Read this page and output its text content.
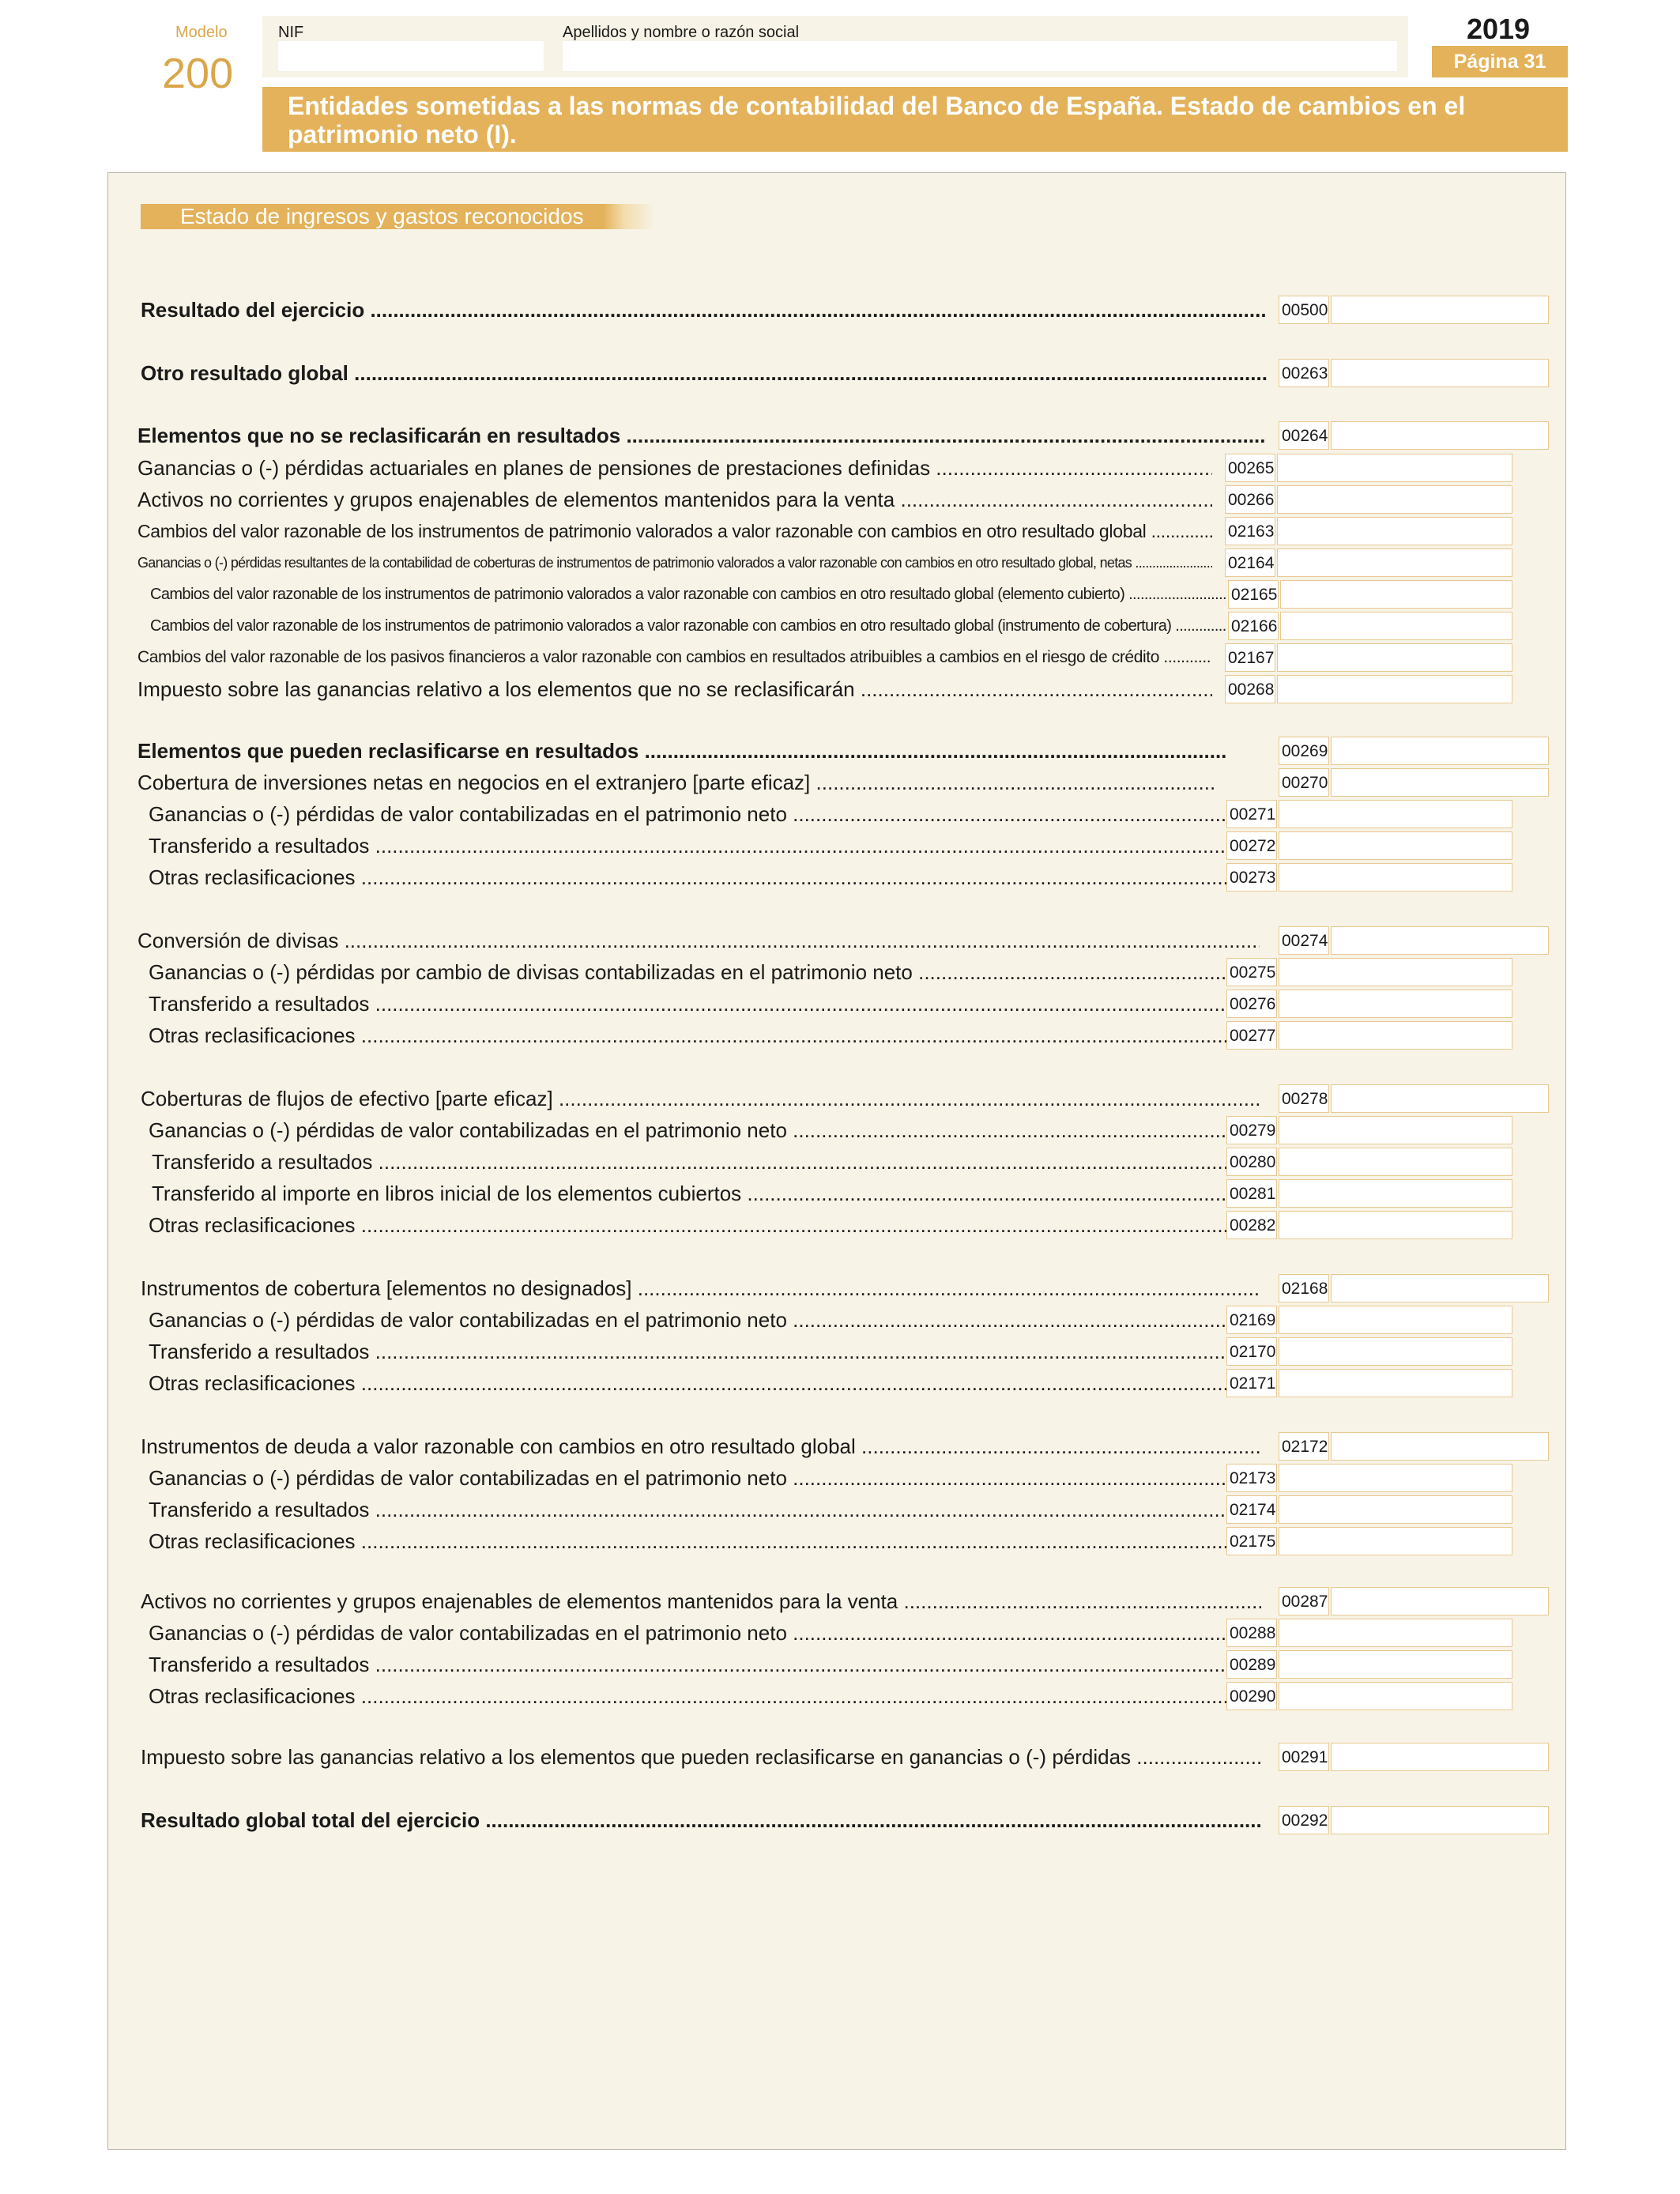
Modelo
200
NIF	Apellidos y nombre o razón social	2019
Página 31
Entidades sometidas a las normas de contabilidad del Banco de España. Estado de cambios en el patrimonio neto (I).
Estado de ingresos y gastos reconocidos
Resultado del ejercicio .....	00500
Otro resultado global .....	00263
Elementos que no se reclasificarán en resultados .....	00264
Ganancias o (-) pérdidas actuariales en planes de pensiones de prestaciones definidas .....	00265
Activos no corrientes y grupos enajenables de elementos mantenidos para la venta .....	00266
Cambios del valor razonable de los instrumentos de patrimonio valorados a valor razonable con cambios en otro resultado global .....	02163
Ganancias o (-) pérdidas resultantes de la contabilidad de coberturas de instrumentos de patrimonio valorados a valor razonable con cambios en otro resultado global, netas .....	02164
Cambios del valor razonable de los instrumentos de patrimonio valorados a valor razonable con cambios en otro resultado global (elemento cubierto) .....	02165
Cambios del valor razonable de los instrumentos de patrimonio valorados a valor razonable con cambios en otro resultado global (instrumento de cobertura) .....	02166
Cambios del valor razonable de los pasivos financieros a valor razonable con cambios en resultados atribuibles a cambios en el riesgo de crédito .....	02167
Impuesto sobre las ganancias relativo a los elementos que no se reclasificarán .....	00268
Elementos que pueden reclasificarse en resultados .....	00269
Cobertura de inversiones netas en negocios en el extranjero [parte eficaz] .....	00270
Ganancias o (-) pérdidas de valor contabilizadas en el patrimonio neto .....	00271
Transferido a resultados .....	00272
Otras reclasificaciones .....	00273
Conversión de divisas .....	00274
Ganancias o (-) pérdidas por cambio de divisas contabilizadas en el patrimonio neto .....	00275
Transferido a resultados .....	00276
Otras reclasificaciones .....	00277
Coberturas de flujos de efectivo [parte eficaz] .....	00278
Ganancias o (-) pérdidas de valor contabilizadas en el patrimonio neto .....	00279
Transferido a resultados .....	00280
Transferido al importe en libros inicial de los elementos cubiertos .....	00281
Otras reclasificaciones .....	00282
Instrumentos de cobertura [elementos no designados] .....	02168
Ganancias o (-) pérdidas de valor contabilizadas en el patrimonio neto .....	02169
Transferido a resultados .....	02170
Otras reclasificaciones .....	02171
Instrumentos de deuda a valor razonable con cambios en otro resultado global .....	02172
Ganancias o (-) pérdidas de valor contabilizadas en el patrimonio neto .....	02173
Transferido a resultados .....	02174
Otras reclasificaciones .....	02175
Activos no corrientes y grupos enajenables de elementos mantenidos para la venta .....	00287
Ganancias o (-) pérdidas de valor contabilizadas en el patrimonio neto .....	00288
Transferido a resultados .....	00289
Otras reclasificaciones .....	00290
Impuesto sobre las ganancias relativo a los elementos que pueden reclasificarse en ganancias o (-) pérdidas .....	00291
Resultado global total del ejercicio .....	00292
